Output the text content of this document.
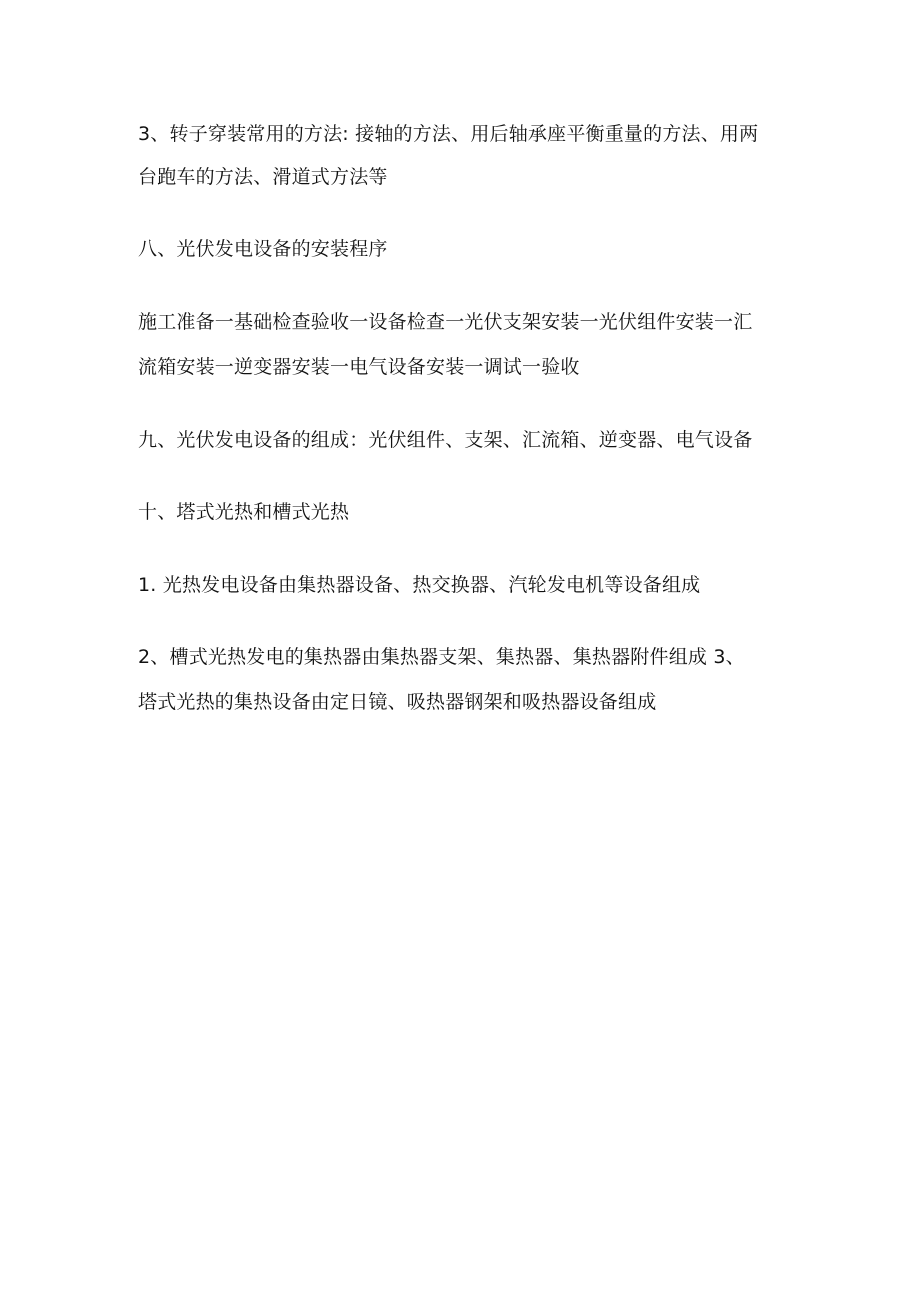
3、转子穿装常用的方法: 接轴的方法、用后轴承座平衡重量的方法、用两
台跑车的方法、滑道式方法等
八、光伏发电设备的安装程序
施工准备一基础检查验收一设备检查一光伏支架安装一光伏组件安装一汇
流箱安装一逆变器安装一电气设备安装一调试一验收
九、光伏发电设备的组成：光伏组件、支架、汇流箱、逆变器、电气设备
十、塔式光热和槽式光热
1. 光热发电设备由集热器设备、热交换器、汽轮发电机等设备组成
2、槽式光热发电的集热器由集热器支架、集热器、集热器附件组成 3、
塔式光热的集热设备由定日镜、吸热器钢架和吸热器设备组成
